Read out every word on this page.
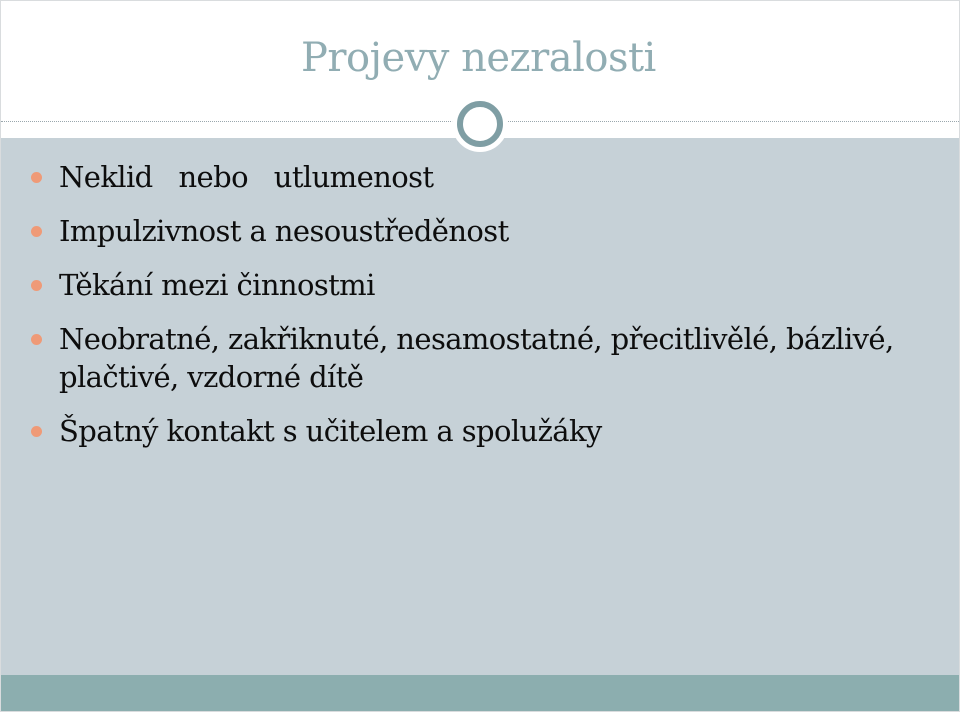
Projevy nezralosti
Neklid   nebo   utlumenost
Impulzivnost a nesoustředěnost
Těkání mezi činnostmi
Neobratné, zakřiknuté, nesamostatné, přecitlivělé, bázlivé, plačtivé, vzdorné dítě
Špatný kontakt s učitelem a spolužáky
